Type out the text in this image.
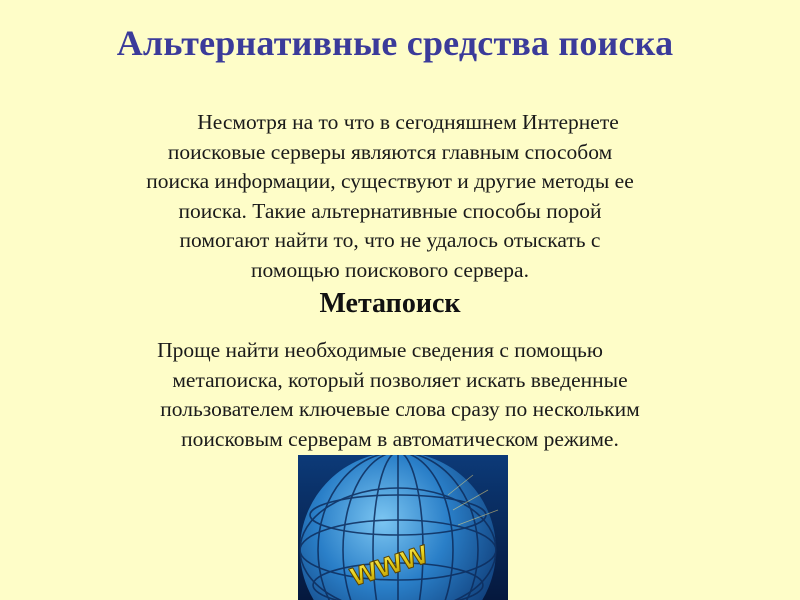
Альтернативные средства поиска

Несмотря на то что в сегодняшнем Интернете
поисковые серверы являются главным способом
поиска информации, существуют и другие методы ее
поиска. Такие альтернативные способы порой
помогают найти то, что не удалось отыскать с
помощью поискового сервера.

Метапоиск

Проще найти необходимые сведения с помощью
метапоиска, который позволяет искать введенные
пользователем ключевые слова сразу по нескольким
поисковым серверам в автоматическом режиме.

www
